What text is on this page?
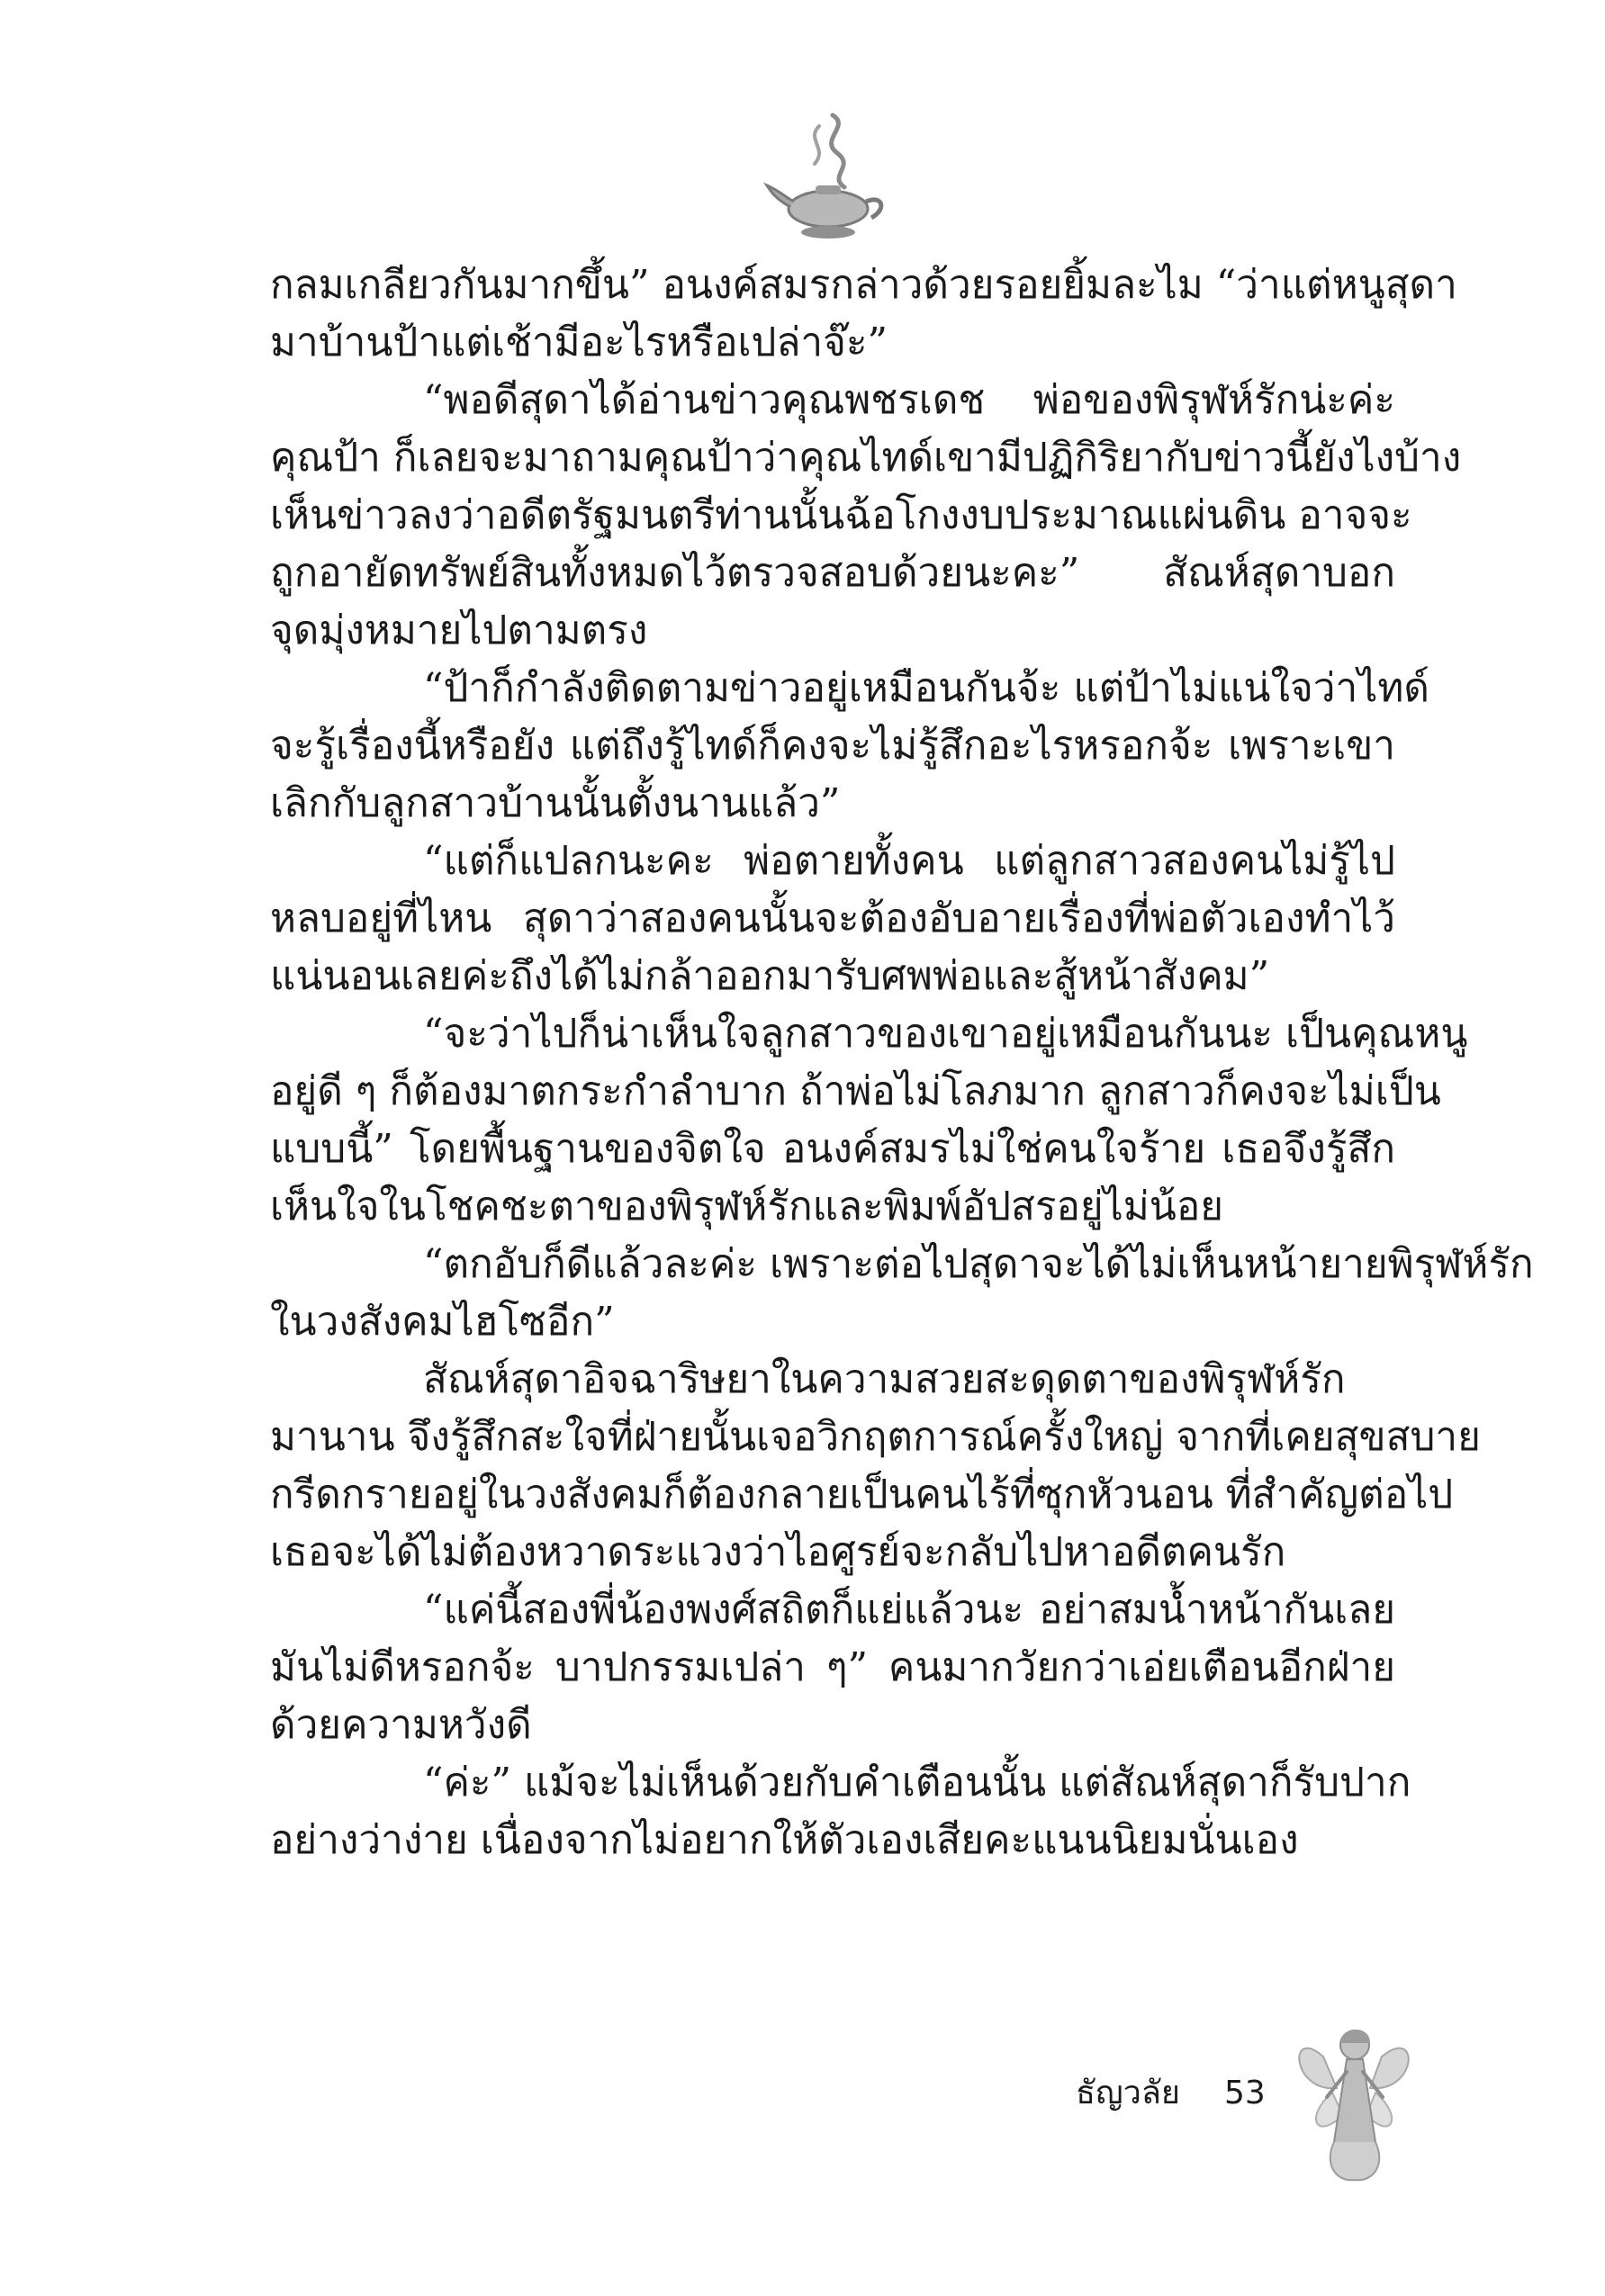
กลมเกลียวกันมากขึ้น” อนงค์สมรกล่าวด้วยรอยยิ้มละไม “ว่าแต่หนูสุดา
มาบ้านป้าแต่เช้ามีอะไรหรือเปล่าจ๊ะ”
“พอดีสุดาได้อ่านข่าวคุณพชรเดช พ่อของพิรุฬห์รักน่ะค่ะ
คุณป้า ก็เลยจะมาถามคุณป้าว่าคุณไทด์เขามีปฏิกิริยากับข่าวนี้ยังไงบ้าง
เห็นข่าวลงว่าอดีตรัฐมนตรีท่านนั้นฉ้อโกงงบประมาณแผ่นดิน อาจจะ
ถูกอายัดทรัพย์สินทั้งหมดไว้ตรวจสอบด้วยนะคะ” สัณห์สุดาบอก
จุดมุ่งหมายไปตามตรง
“ป้าก็กำลังติดตามข่าวอยู่เหมือนกันจ้ะ แต่ป้าไม่แน่ใจว่าไทด์
จะรู้เรื่องนี้หรือยัง แต่ถึงรู้ไทด์ก็คงจะไม่รู้สึกอะไรหรอกจ้ะ เพราะเขา
เลิกกับลูกสาวบ้านนั้นตั้งนานแล้ว”
“แต่ก็แปลกนะคะ พ่อตายทั้งคน แต่ลูกสาวสองคนไม่รู้ไป
หลบอยู่ที่ไหน สุดาว่าสองคนนั้นจะต้องอับอายเรื่องที่พ่อตัวเองทำไว้
แน่นอนเลยค่ะถึงได้ไม่กล้าออกมารับศพพ่อและสู้หน้าสังคม”
“จะว่าไปก็น่าเห็นใจลูกสาวของเขาอยู่เหมือนกันนะ เป็นคุณหนู
อยู่ดี ๆ ก็ต้องมาตกระกำลำบาก ถ้าพ่อไม่โลภมาก ลูกสาวก็คงจะไม่เป็น
แบบนี้” โดยพื้นฐานของจิตใจ อนงค์สมรไม่ใช่คนใจร้าย เธอจึงรู้สึก
เห็นใจในโชคชะตาของพิรุฬห์รักและพิมพ์อัปสรอยู่ไม่น้อย
“ตกอับก็ดีแล้วละค่ะ เพราะต่อไปสุดาจะได้ไม่เห็นหน้ายายพิรุฬห์รัก
ในวงสังคมไฮโซอีก”
สัณห์สุดาอิจฉาริษยาในความสวยสะดุดตาของพิรุฬห์รัก
มานาน จึงรู้สึกสะใจที่ฝ่ายนั้นเจอวิกฤตการณ์ครั้งใหญ่ จากที่เคยสุขสบาย
กรีดกรายอยู่ในวงสังคมก็ต้องกลายเป็นคนไร้ที่ซุกหัวนอน ที่สำคัญต่อไป
เธอจะได้ไม่ต้องหวาดระแวงว่าไอศูรย์จะกลับไปหาอดีตคนรัก
“แค่นี้สองพี่น้องพงศ์สถิตก็แย่แล้วนะ อย่าสมน้ำหน้ากันเลย
มันไม่ดีหรอกจ้ะ บาปกรรมเปล่า ๆ” คนมากวัยกว่าเอ่ยเตือนอีกฝ่าย
ด้วยความหวังดี
“ค่ะ” แม้จะไม่เห็นด้วยกับคำเตือนนั้น แต่สัณห์สุดาก็รับปาก
อย่างว่าง่าย เนื่องจากไม่อยากให้ตัวเองเสียคะแนนนิยมนั่นเอง
ธัญวลัย 53
